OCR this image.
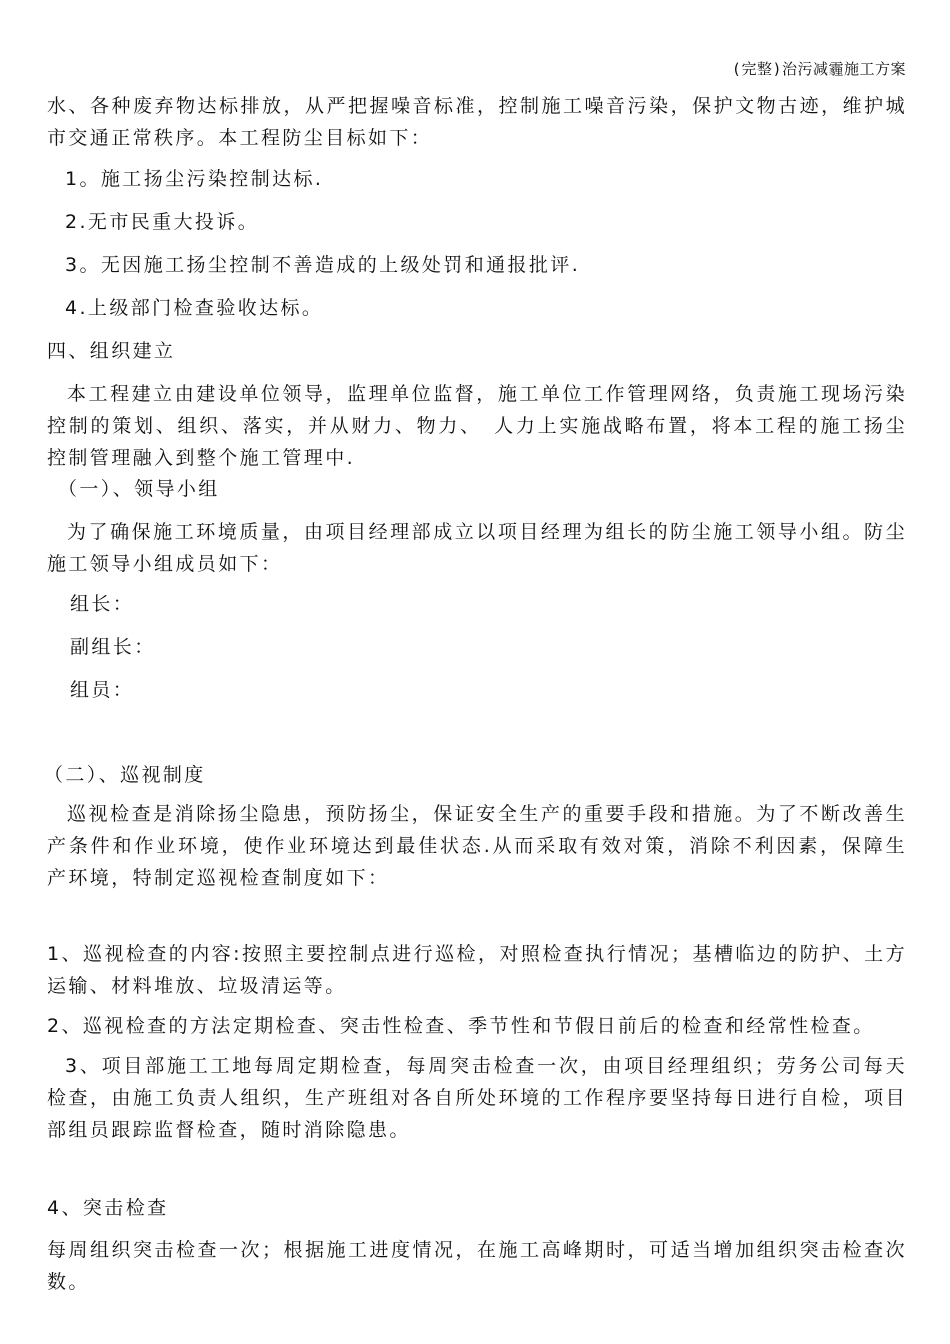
(完整)治污减霾施工方案

水、各种废弃物达标排放，从严把握噪音标准，控制施工噪音污染，保护文物古迹，维护城市交通正常秩序。本工程防尘目标如下：

1。施工扬尘污染控制达标.

2.无市民重大投诉。

3。无因施工扬尘控制不善造成的上级处罚和通报批评.

4.上级部门检查验收达标。

四、组织建立

本工程建立由建设单位领导，监理单位监督，施工单位工作管理网络，负责施工现场污染控制的策划、组织、落实，并从财力、物力、　人力上实施战略布置，将本工程的施工扬尘控制管理融入到整个施工管理中.

（一）、领导小组

为了确保施工环境质量，由项目经理部成立以项目经理为组长的防尘施工领导小组。防尘施工领导小组成员如下：

组长：

副组长：

组员：

（二）、巡视制度

巡视检查是消除扬尘隐患，预防扬尘，保证安全生产的重要手段和措施。为了不断改善生产条件和作业环境，使作业环境达到最佳状态.从而采取有效对策，消除不利因素，保障生产环境，特制定巡视检查制度如下：

1、巡视检查的内容:按照主要控制点进行巡检，对照检查执行情况；基槽临边的防护、土方运输、材料堆放、垃圾清运等。

2、巡视检查的方法定期检查、突击性检查、季节性和节假日前后的检查和经常性检查。

3、项目部施工工地每周定期检查，每周突击检查一次，由项目经理组织；劳务公司每天检查，由施工负责人组织，生产班组对各自所处环境的工作程序要坚持每日进行自检，项目部组员跟踪监督检查，随时消除隐患。

4、突击检查

每周组织突击检查一次；根据施工进度情况，在施工高峰期时，可适当增加组织突击检查次数。
